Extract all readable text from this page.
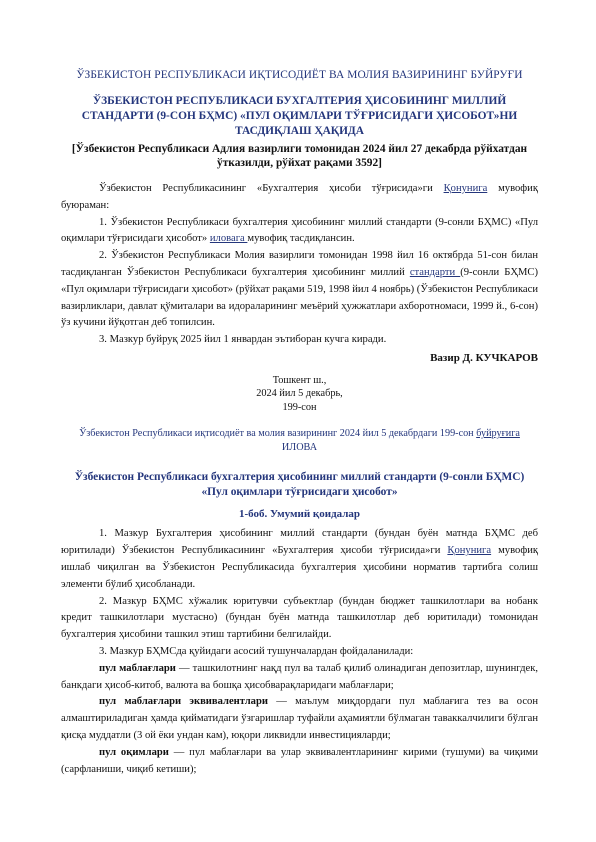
ЎЗБЕКИСТОН РЕСПУБЛИКАСИ ИҚТИСОДИЁТ ВА МОЛИЯ ВАЗИРИНИНГ БУЙРУҒИ

ЎЗБЕКИСТОН РЕСПУБЛИКАСИ БУХГАЛТЕРИЯ ҲИСОБИНИНГ МИЛЛИЙ СТАНДАРТИ (9-СОН БҲМС) «ПУЛ ОҚИМЛАРИ ТЎҒРИСИДАГИ ҲИСОБОТ»НИ ТАСДИҚЛАШ ҲАҚИДА

[Ўзбекистон Республикаси Адлия вазирлиги томонидан 2024 йил 27 декабрда рўйхатдан ўтказилди, рўйхат рақами 3592]

Ўзбекистон Республикасининг «Бухгалтерия ҳисоби тўғрисида»ги Қонунига мувофиқ буюраман:

1. Ўзбекистон Республикаси бухгалтерия ҳисобининг миллий стандарти (9-сонли БҲМС) «Пул оқимлари тўғрисидаги ҳисобот» иловага мувофиқ тасдиқлансин.

2. Ўзбекистон Республикаси Молия вазирлиги томонидан 1998 йил 16 октябрда 51-сон билан тасдиқланган Ўзбекистон Республикаси бухгалтерия ҳисобининг миллий стандарти (9-сонли БҲМС) «Пул оқимлари тўғрисидаги ҳисобот» (рўйхат рақами 519, 1998 йил 4 ноябрь) (Ўзбекистон Республикаси вазирликлари, давлат қўмиталари ва идораларининг меъёрий ҳужжатлари ахборотномаси, 1999 й., 6-сон) ўз кучини йўқотган деб топилсин.

3. Мазкур буйруқ 2025 йил 1 январдан эътиборан кучга киради.

Вазир Д. КУЧКАРОВ

Тошкент ш.,
2024 йил 5 декабрь,
199-сон
Ўзбекистон Республикаси иқтисодиёт ва молия вазирининг 2024 йил 5 декабрдаги 199-сон буйруғига
ИЛОВА
Ўзбекистон Республикаси бухгалтерия ҳисобининг миллий стандарти (9-сонли БҲМС)
«Пул оқимлари тўғрисидаги ҳисобот»

1-боб. Умумий қоидалар

1. Мазкур Бухгалтерия ҳисобининг миллий стандарти (бундан буён матнда БҲМС деб юритилади) Ўзбекистон Республикасининг «Бухгалтерия ҳисоби тўғрисида»ги Қонунига мувофиқ ишлаб чиқилган ва Ўзбекистон Республикасида бухгалтерия ҳисобини норматив тартибга солиш элементи бўлиб ҳисобланади.

2. Мазкур БҲМС хўжалик юритувчи субъектлар (бундан бюджет ташкилотлари ва нобанк кредит ташкилотлари мустасно) (бундан буён матнда ташкилотлар деб юритилади) томонидан бухгалтерия ҳисобини ташкил этиш тартибини белгилайди.

3. Мазкур БҲМСда қуйидаги асосий тушунчалардан фойдаланилади:

пул маблағлари — ташкилотнинг нақд пул ва талаб қилиб олинадиган депозитлар, шунингдек, банкдаги ҳисоб-китоб, валюта ва бошқа ҳисобварақларидаги маблағлари;

пул маблағлари эквивалентлари — маълум миқдордаги пул маблағига тез ва осон алмаштириладиган ҳамда қийматидаги ўзгаришлар туфайли аҳамиятли бўлмаган таваккалчилиги бўлган қисқа муддатли (3 ой ёки ундан кам), юқори ликвидли инвестицияларди;

пул оқимлари — пул маблағлари ва улар эквивалентларининг кирими (тушуми) ва чиқими (сарфланиши, чиқиб кетиши);
